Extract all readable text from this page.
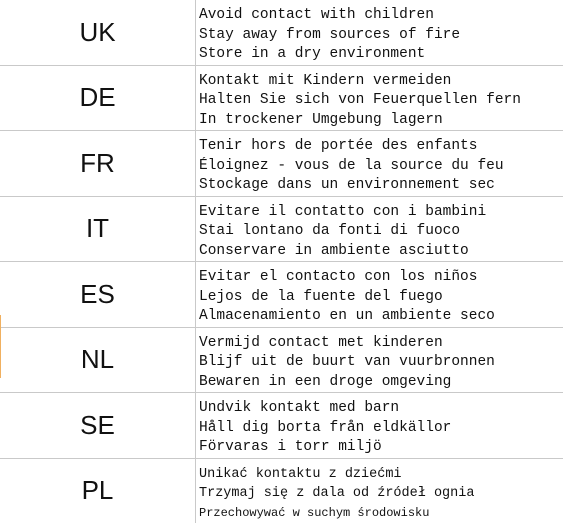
UK	Avoid contact with children
Stay away from sources of fire
Store in a dry environment

DE	Kontakt mit Kindern vermeiden
Halten Sie sich von Feuerquellen fern
In trockener Umgebung lagern

FR	Tenir hors de portée des enfants
Éloignez - vous de la source du feu
Stockage dans un environnement sec

IT	Evitare il contatto con i bambini
Stai lontano da fonti di fuoco
Conservare in ambiente asciutto

ES	Evitar el contacto con los niños
Lejos de la fuente del fuego
Almacenamiento en un ambiente seco

NL	Vermijd contact met kinderen
Blijf uit de buurt van vuurbronnen
Bewaren in een droge omgeving

SE	Undvik kontakt med barn
Håll dig borta från eldkällor
Förvaras i torr miljö

PL	Unikać kontaktu z dziećmi
Trzymaj się z dala od źródeł ognia
Przechowywać w suchym środowisku
